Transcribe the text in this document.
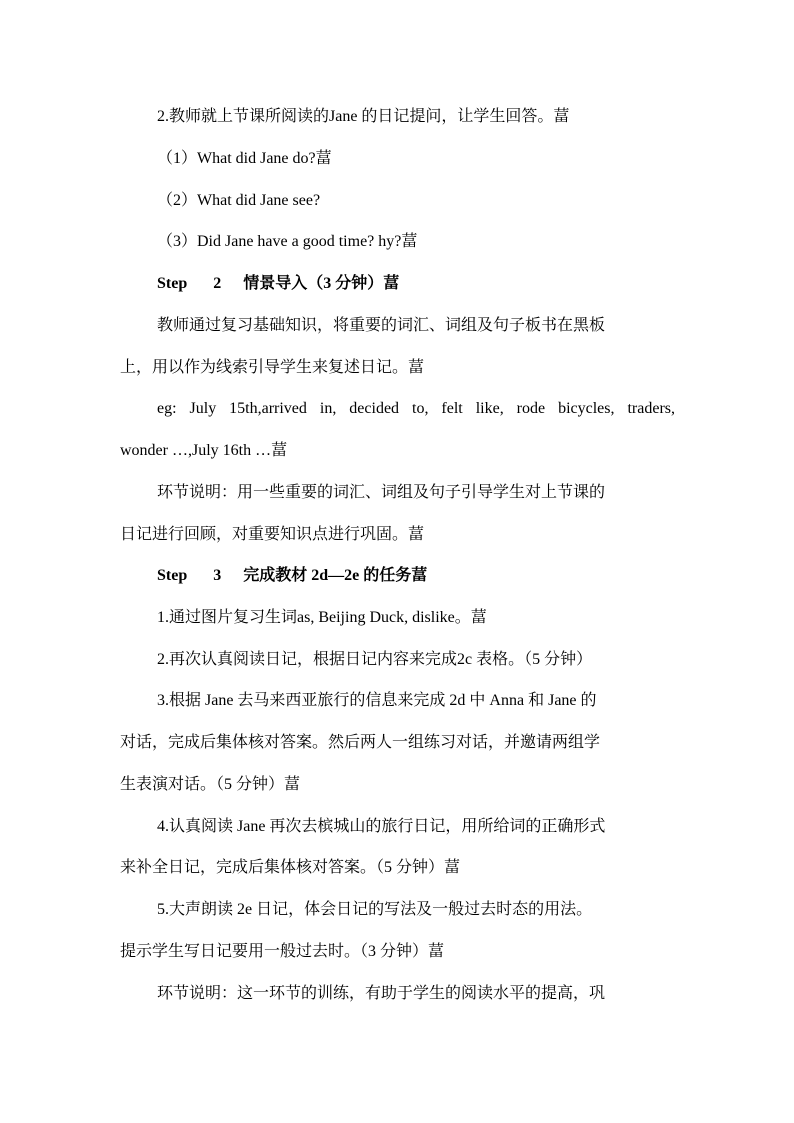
2.教师就上节课所阅读的Jane 的日记提问，让学生回答。葍
（1）What did Jane do?葍
（2）What did Jane see?
（3）Did Jane have a good time? hy?葍
Step 2 情景导入（3 分钟）葍
教师通过复习基础知识，将重要的词汇、词组及句子板书在黑板
上，用以作为线索引导学生来复述日记。葍
eg: July 15th,arrived in, decided to, felt like, rode bicycles, traders,
wonder …,July 16th …葍
环节说明：用一些重要的词汇、词组及句子引导学生对上节课的
日记进行回顾，对重要知识点进行巩固。葍
Step 3 完成教材 2d—2e 的任务葍
1.通过图片复习生词as, Beijing Duck, dislike。葍
2.再次认真阅读日记，根据日记内容来完成2c 表格。（5 分钟）
3.根据 Jane 去马来西亚旅行的信息来完成 2d 中 Anna 和 Jane 的
对话，完成后集体核对答案。然后两人一组练习对话，并邀请两组学
生表演对话。（5 分钟）葍
4.认真阅读 Jane 再次去槟城山的旅行日记，用所给词的正确形式
来补全日记，完成后集体核对答案。（5 分钟）葍
5.大声朗读 2e 日记，体会日记的写法及一般过去时态的用法。
提示学生写日记要用一般过去时。（3 分钟）葍
环节说明：这一环节的训练，有助于学生的阅读水平的提高，巩
